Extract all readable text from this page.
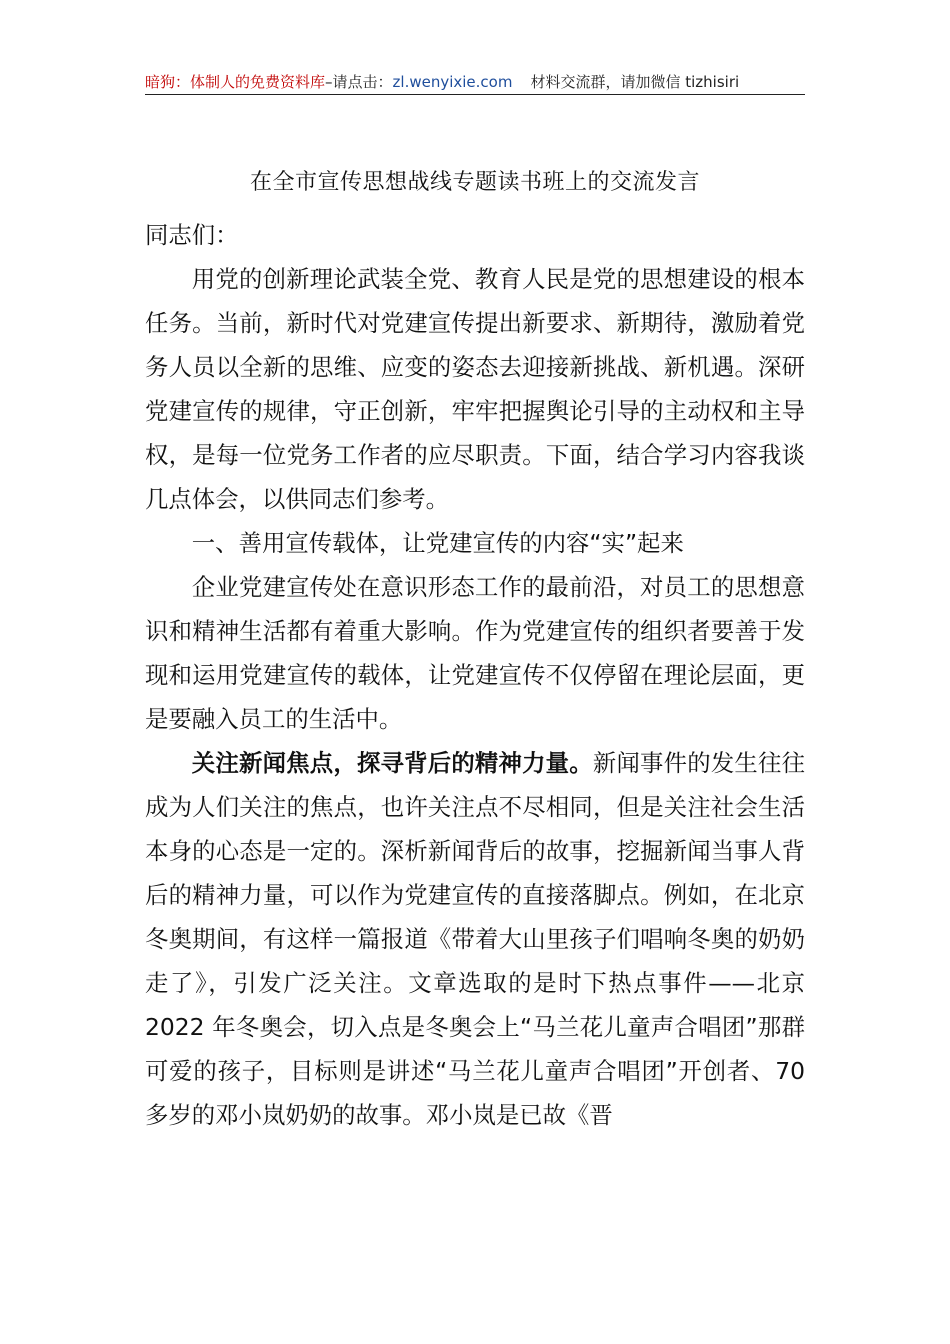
暗狗：体制人的免费资料库–请点击：zl.wenyixie.com 材料交流群，请加微信 tizhisiri
在全市宣传思想战线专题读书班上的交流发言

同志们：

用党的创新理论武装全党、教育人民是党的思想建设的根本任务。当前，新时代对党建宣传提出新要求、新期待，激励着党务人员以全新的思维、应变的姿态去迎接新挑战、新机遇。深研党建宣传的规律，守正创新，牢牢把握舆论引导的主动权和主导权，是每一位党务工作者的应尽职责。下面，结合学习内容我谈几点体会，以供同志们参考。

一、善用宣传载体，让党建宣传的内容“实”起来

企业党建宣传处在意识形态工作的最前沿，对员工的思想意识和精神生活都有着重大影响。作为党建宣传的组织者要善于发现和运用党建宣传的载体，让党建宣传不仅停留在理论层面，更是要融入员工的生活中。

关注新闻焦点，探寻背后的精神力量。新闻事件的发生往往成为人们关注的焦点，也许关注点不尽相同，但是关注社会生活本身的心态是一定的。深析新闻背后的故事，挖掘新闻当事人背后的精神力量，可以作为党建宣传的直接落脚点。例如，在北京冬奥期间，有这样一篇报道《带着大山里孩子们唱响冬奥的奶奶走了》，引发广泛关注。文章选取的是时下热点事件——北京 2022 年冬奥会，切入点是冬奥会上“马兰花儿童声合唱团”那群可爱的孩子，目标则是讲述“马兰花儿童声合唱团”开创者、70 多岁的邓小岚奶奶的故事。邓小岚是已故《晋
